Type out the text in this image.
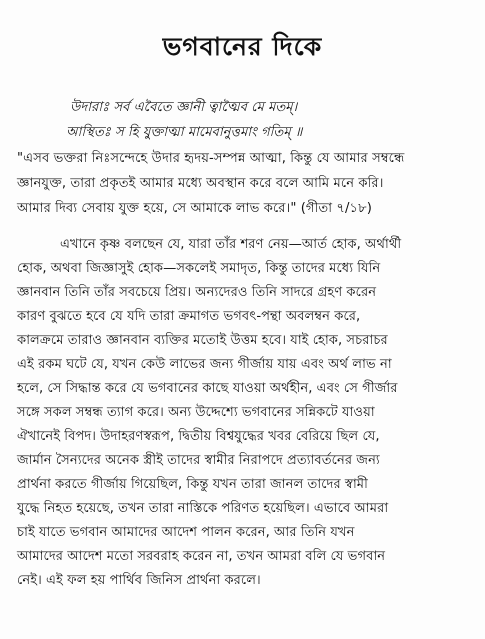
ভগবানের দিকে
উদারাঃ সর্ব এবৈতে জ্ঞানী ত্বাত্মৈব মে মতম্।
আস্থিতঃ স হি যুক্তাত্মা মামেবানুত্তমাং গতিম্ ॥
"এসব ভক্তরা নিঃসন্দেহে উদার হৃদয়-সম্পন্ন আত্মা, কিন্তু যে আমার সম্বন্ধে
জ্ঞানযুক্ত, তারা প্রকৃতই আমার মধ্যে অবস্থান করে বলে আমি মনে করি।
আমার দিব্য সেবায় যুক্ত হয়ে, সে আমাকে লাভ করে।" (গীতা ৭/১৮)
এখানে কৃষ্ণ বলছেন যে, যারা তাঁর শরণ নেয়—আর্ত হোক, অর্থার্থী
হোক, অথবা জিজ্ঞাসুই হোক—সকলেই সমাদৃত, কিন্তু তাদের মধ্যে যিনি
জ্ঞানবান তিনি তাঁর সবচেয়ে প্রিয়। অন্যদেরও তিনি সাদরে গ্রহণ করেন
কারণ বুঝতে হবে যে যদি তারা ক্রমাগত ভগবৎ-পন্থা অবলম্বন করে,
কালক্রমে তারাও জ্ঞানবান ব্যক্তির মতোই উত্তম হবে। যাই হোক, সচরাচর
এই রকম ঘটে যে, যখন কেউ লাভের জন্য গীর্জায় যায় এবং অর্থ লাভ না
হলে, সে সিদ্ধান্ত করে যে ভগবানের কাছে যাওয়া অর্থহীন, এবং সে গীর্জার
সঙ্গে সকল সম্বন্ধ ত্যাগ করে। অন্য উদ্দেশ্যে ভগবানের সন্নিকটে যাওয়া
ঐখানেই বিপদ। উদাহরণস্বরূপ, দ্বিতীয় বিশ্বযুদ্ধের খবর বেরিয়ে ছিল যে,
জার্মান সৈন্যদের অনেক স্ত্রীই তাদের স্বামীর নিরাপদে প্রত্যাবর্তনের জন্য
প্রার্থনা করতে গীর্জায় গিয়েছিল, কিন্তু যখন তারা জানল তাদের স্বামী
যুদ্ধে নিহত হয়েছে, তখন তারা নাস্তিকে পরিণত হয়েছিল। এভাবে আমরা
চাই যাতে ভগবান আমাদের আদেশ পালন করেন, আর তিনি যখন
আমাদের আদেশ মতো সরবরাহ করেন না, তখন আমরা বলি যে ভগবান
নেই। এই ফল হয় পার্থিব জিনিস প্রার্থনা করলে।
